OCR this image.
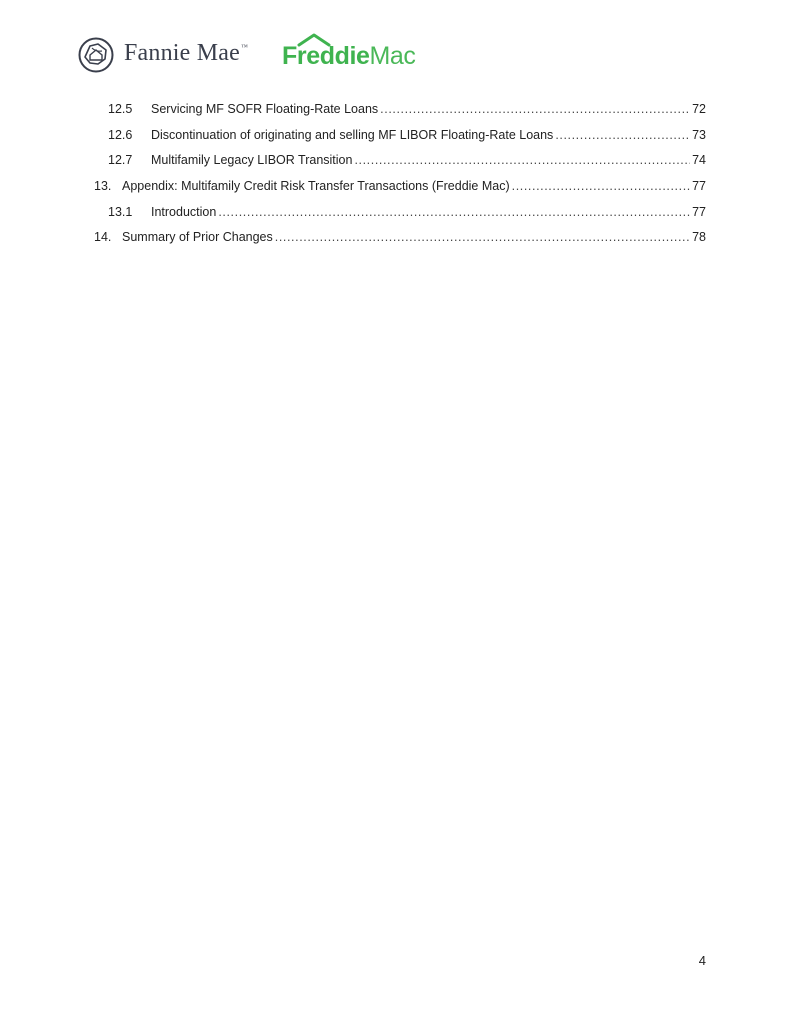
Fannie Mae™ FreddieMac
12.5	Servicing MF SOFR Floating-Rate Loans .....	72
12.6	Discontinuation of originating and selling MF LIBOR Floating-Rate Loans .....	73
12.7	Multifamily Legacy LIBOR Transition .....	74
13. Appendix: Multifamily Credit Risk Transfer Transactions (Freddie Mac) .....	77
13.1	Introduction .....	77
14. Summary of Prior Changes .....	78
4
